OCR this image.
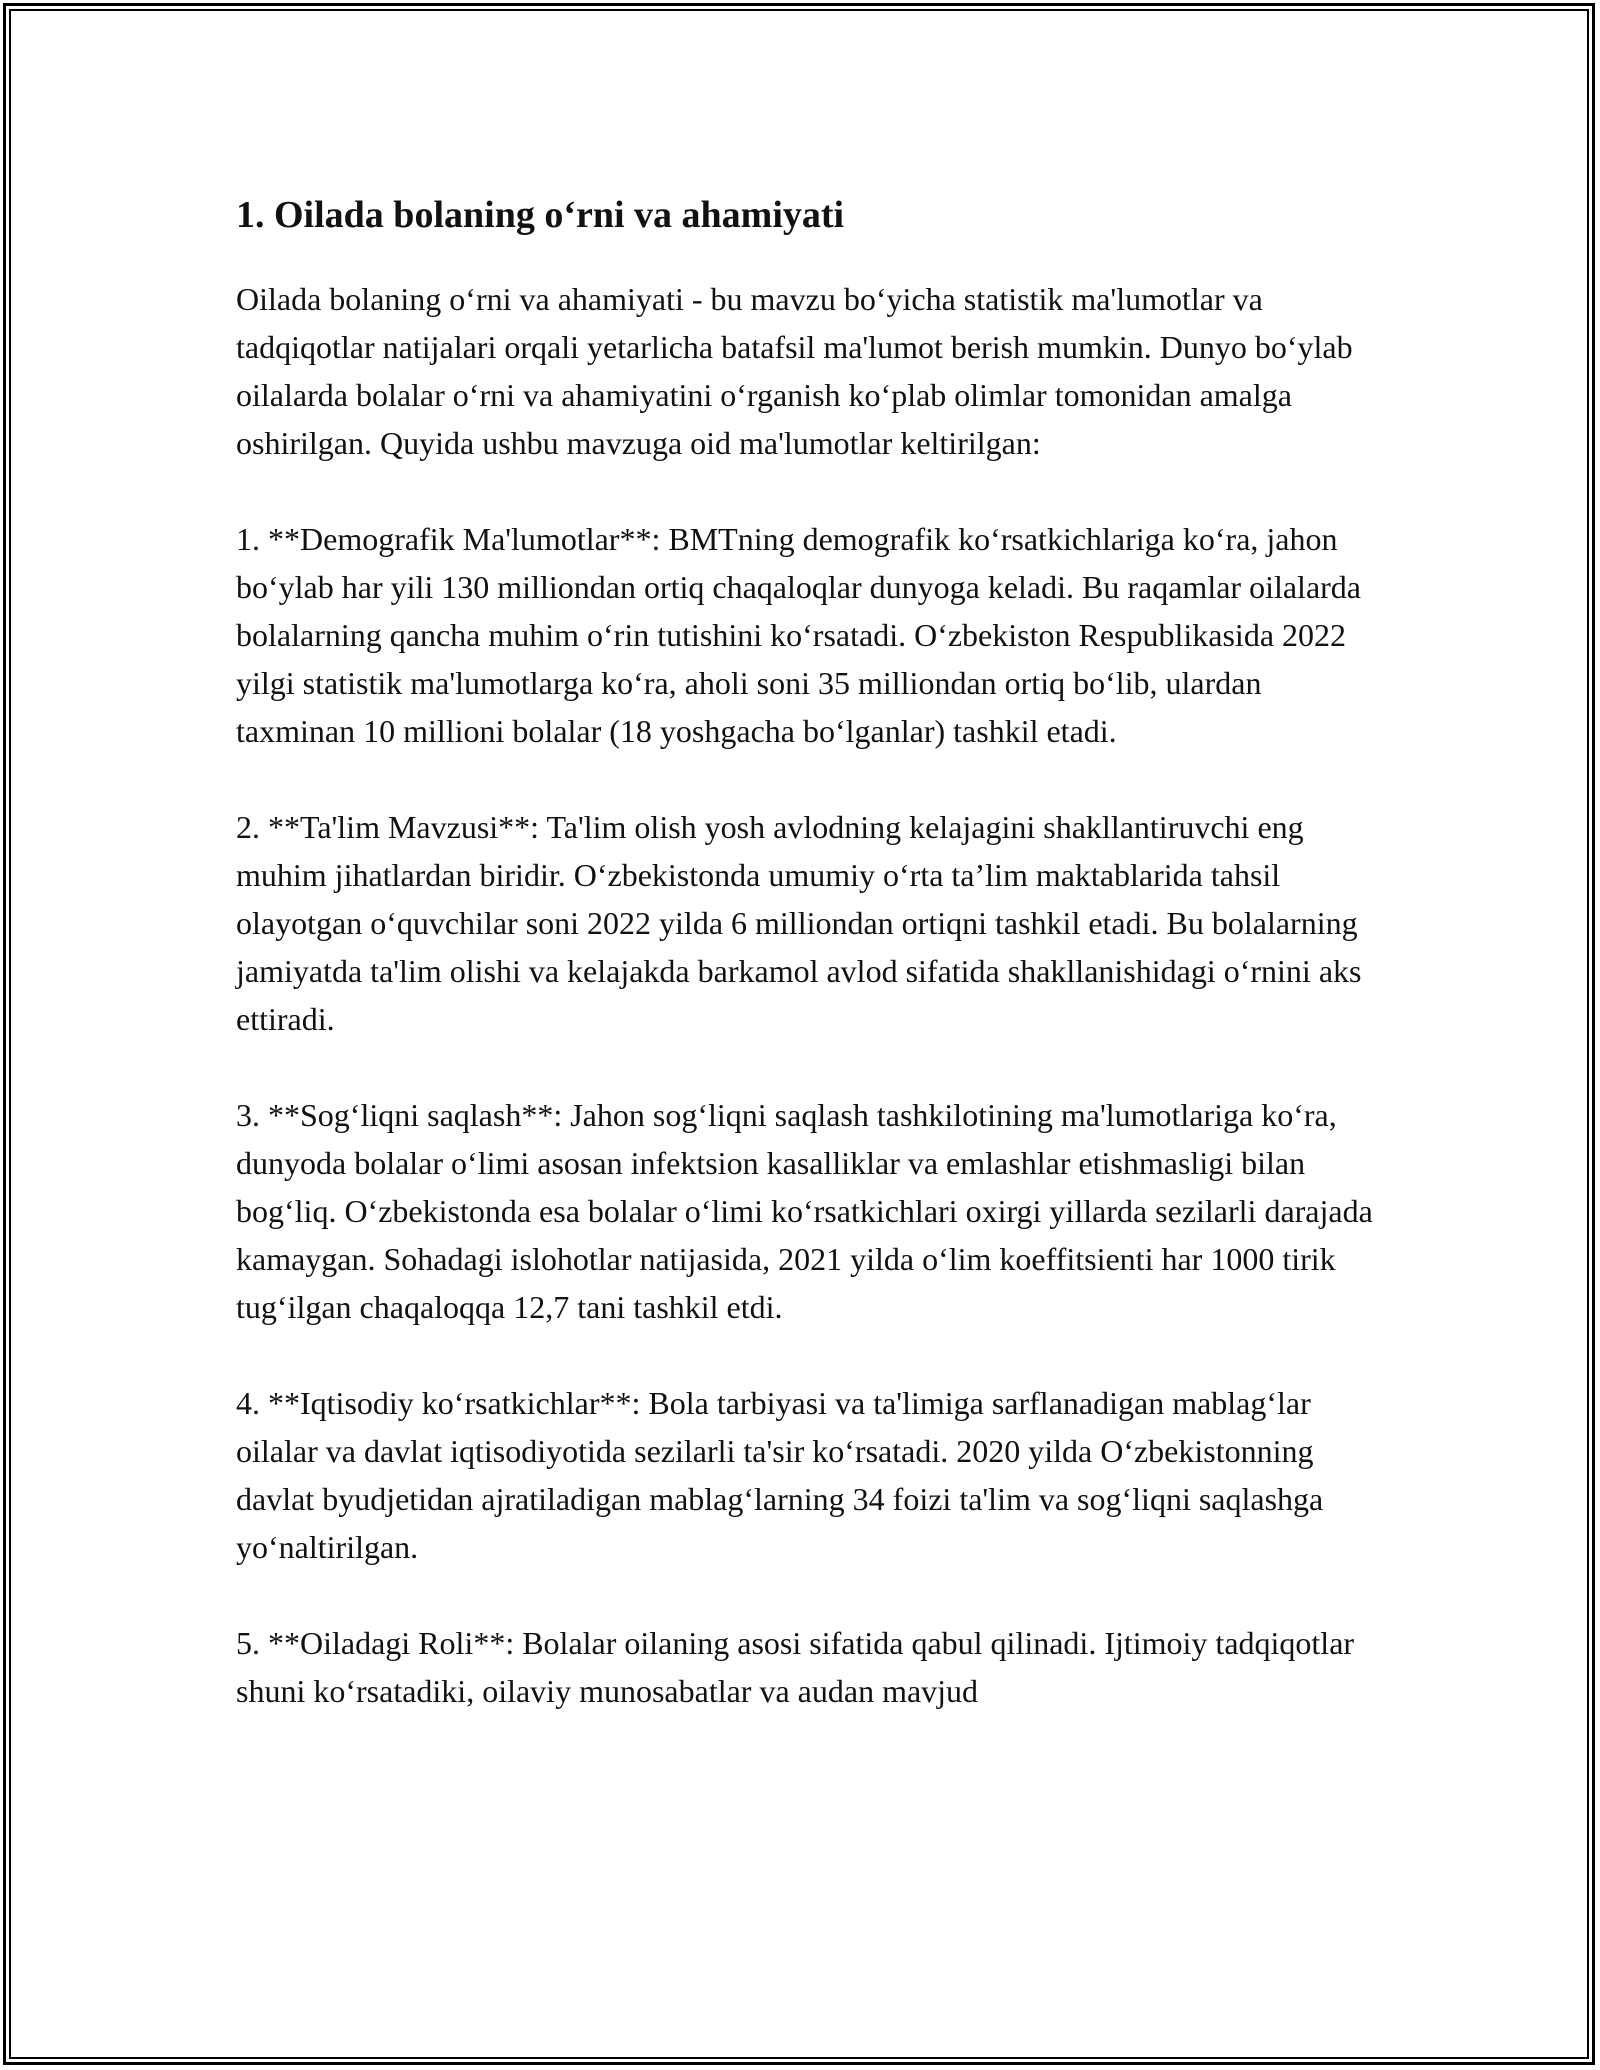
1. Oilada bolaning o‘rni va ahamiyati

Oilada bolaning o‘rni va ahamiyati - bu mavzu bo‘yicha statistik ma'lumotlar va tadqiqotlar natijalari orqali yetarlicha batafsil ma'lumot berish mumkin. Dunyo bo‘ylab oilalarda bolalar o‘rni va ahamiyatini o‘rganish ko‘plab olimlar tomonidan amalga oshirilgan. Quyida ushbu mavzuga oid ma'lumotlar keltirilgan:

1. **Demografik Ma'lumotlar**: BMTning demografik ko‘rsatkichlariga ko‘ra, jahon bo‘ylab har yili 130 milliondan ortiq chaqaloqlar dunyoga keladi. Bu raqamlar oilalarda bolalarning qancha muhim o‘rin tutishini ko‘rsatadi. O‘zbekiston Respublikasida 2022 yilgi statistik ma'lumotlarga ko‘ra, aholi soni 35 milliondan ortiq bo‘lib, ulardan taxminan 10 millioni bolalar (18 yoshgacha bo‘lganlar) tashkil etadi.

2. **Ta'lim Mavzusi**: Ta'lim olish yosh avlodning kelajagini shakllantiruvchi eng muhim jihatlardan biridir. O‘zbekistonda umumiy o‘rta ta’lim maktablarida tahsil olayotgan o‘quvchilar soni 2022 yilda 6 milliondan ortiqni tashkil etadi. Bu bolalarning jamiyatda ta'lim olishi va kelajakda barkamol avlod sifatida shakllanishidagi o‘rnini aks ettiradi.

3. **Sog‘liqni saqlash**: Jahon sog‘liqni saqlash tashkilotining ma'lumotlariga ko‘ra, dunyoda bolalar o‘limi asosan infektsion kasalliklar va emlashlar etishmasligi bilan bog‘liq. O‘zbekistonda esa bolalar o‘limi ko‘rsatkichlari oxirgi yillarda sezilarli darajada kamaygan. Sohadagi islohotlar natijasida, 2021 yilda o‘lim koeffitsienti har 1000 tirik tug‘ilgan chaqaloqqa 12,7 tani tashkil etdi.

4. **Iqtisodiy ko‘rsatkichlar**: Bola tarbiyasi va ta'limiga sarflanadigan mablag‘lar oilalar va davlat iqtisodiyotida sezilarli ta'sir ko‘rsatadi. 2020 yilda O‘zbekistonning davlat byudjetidan ajratiladigan mablag‘larning 34 foizi ta'lim va sog‘liqni saqlashga yo‘naltirilgan.

5. **Oiladagi Roli**: Bolalar oilaning asosi sifatida qabul qilinadi. Ijtimoiy tadqiqotlar shuni ko‘rsatadiki, oilaviy munosabatlar va audan mavjud
